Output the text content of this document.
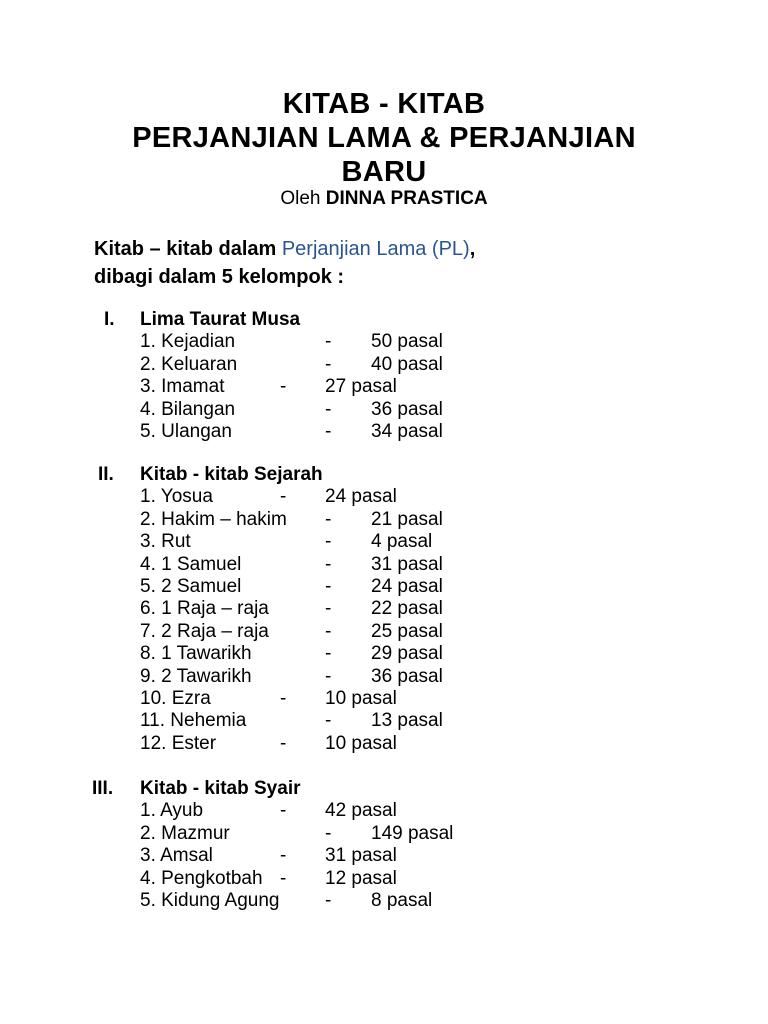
KITAB - KITAB
PERJANJIAN LAMA & PERJANJIAN
BARU
Oleh DINNA PRASTICA
Kitab – kitab dalam Perjanjian Lama (PL),
dibagi dalam 5 kelompok :
I. Lima Taurat Musa
1. Kejadian	- 50 pasal
2. Keluaran	- 40 pasal
3. Imamat	- 27 pasal
4. Bilangan	- 36 pasal
5. Ulangan	- 34 pasal
II. Kitab - kitab Sejarah
1. Yosua	- 24 pasal
2. Hakim – hakim - 21 pasal
3. Rut	- 4 pasal
4. 1 Samuel	- 31 pasal
5. 2 Samuel	- 24 pasal
6. 1 Raja – raja	- 22 pasal
7. 2 Raja – raja	- 25 pasal
8. 1 Tawarikh	- 29 pasal
9. 2 Tawarikh	- 36 pasal
10. Ezra	- 10 pasal
11. Nehemia	- 13 pasal
12. Ester	- 10 pasal
III. Kitab - kitab Syair
1. Ayub	- 42 pasal
2. Mazmur	- 149 pasal
3. Amsal	- 31 pasal
4. Pengkotbah - 12 pasal
5. Kidung Agung - 8 pasal
